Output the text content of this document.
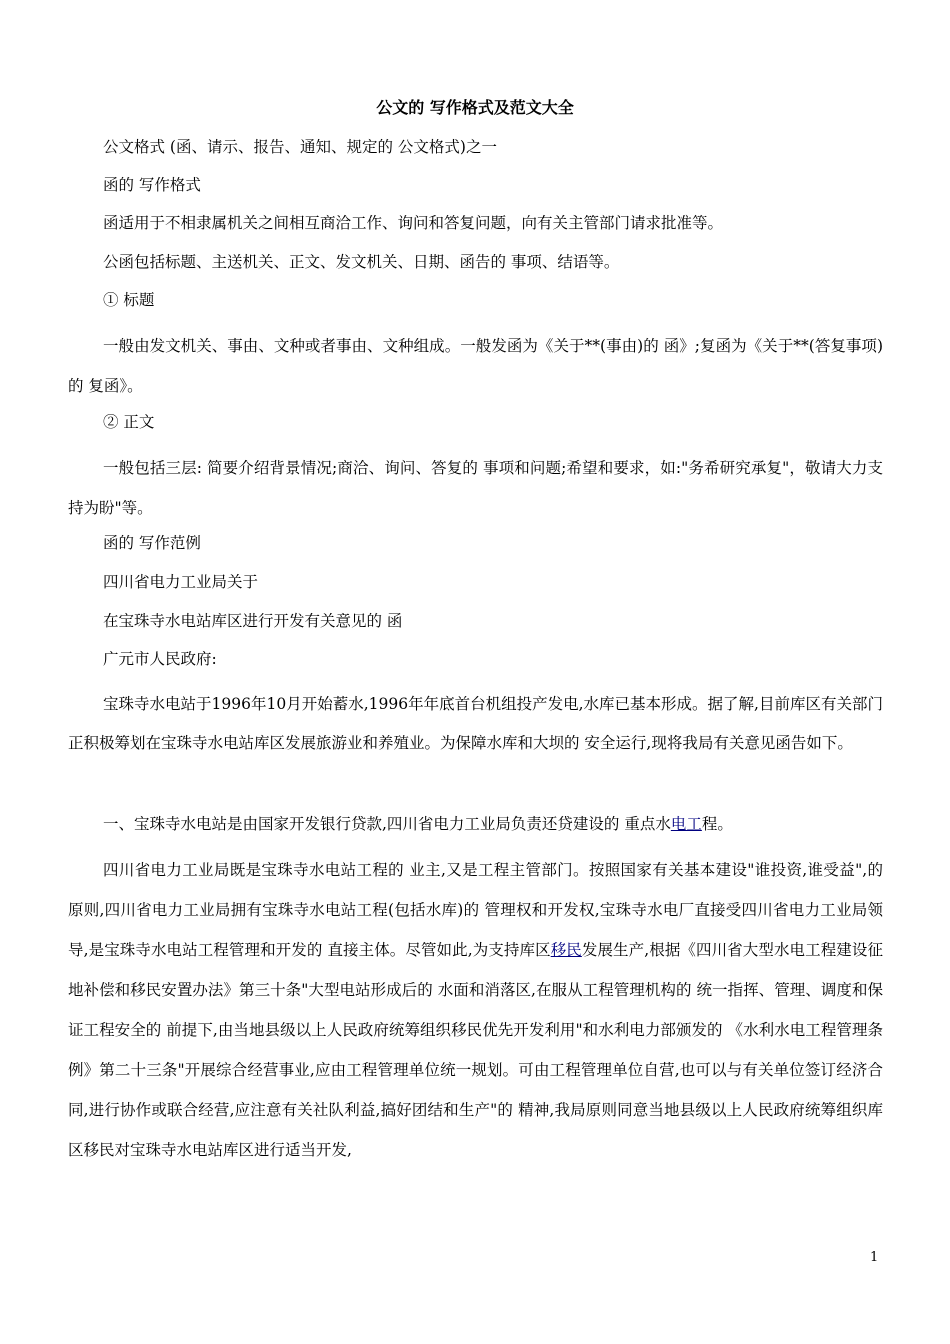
公文的 写作格式及范文大全
公文格式 (函、请示、报告、通知、规定的 公文格式)之一
函的 写作格式
函适用于不相隶属机关之间相互商洽工作、询问和答复问题，向有关主管部门请求批准等。
公函包括标题、主送机关、正文、发文机关、日期、函告的 事项、结语等。
① 标题
一般由发文机关、事由、文种或者事由、文种组成。一般发函为《关于**(事由)的 函》;复函为《关于**(答复事项)的 复函》。
② 正文
一般包括三层: 简要介绍背景情况;商洽、询问、答复的 事项和问题;希望和要求，如:"务希研究承复"，敬请大力支持为盼"等。
函的 写作范例
四川省电力工业局关于
在宝珠寺水电站库区进行开发有关意见的 函
广元市人民政府:
宝珠寺水电站于1996年10月开始蓄水,1996年年底首台机组投产发电,水库已基本形成。据了解,目前库区有关部门正积极筹划在宝珠寺水电站库区发展旅游业和养殖业。为保障水库和大坝的 安全运行,现将我局有关意见函告如下。
一、宝珠寺水电站是由国家开发银行贷款,四川省电力工业局负责还贷建设的 重点水电工程。
四川省电力工业局既是宝珠寺水电站工程的 业主,又是工程主管部门。按照国家有关基本建设"谁投资,谁受益",的 原则,四川省电力工业局拥有宝珠寺水电站工程(包括水库)的 管理权和开发权,宝珠寺水电厂直接受四川省电力工业局领导,是宝珠寺水电站工程管理和开发的 直接主体。尽管如此,为支持库区移民发展生产,根据《四川省大型水电工程建设征地补偿和移民安置办法》第三十条"大型电站形成后的 水面和消落区,在服从工程管理机构的 统一指挥、管理、调度和保证工程安全的 前提下,由当地县级以上人民政府统筹组织移民优先开发利用"和水利电力部颁发的 《水利水电工程管理条例》第二十三条"开展综合经营事业,应由工程管理单位统一规划。可由工程管理单位自营,也可以与有关单位签订经济合同,进行协作或联合经营,应注意有关社队利益,搞好团结和生产"的 精神,我局原则同意当地县级以上人民政府统筹组织库区移民对宝珠寺水电站库区进行适当开发,
1
